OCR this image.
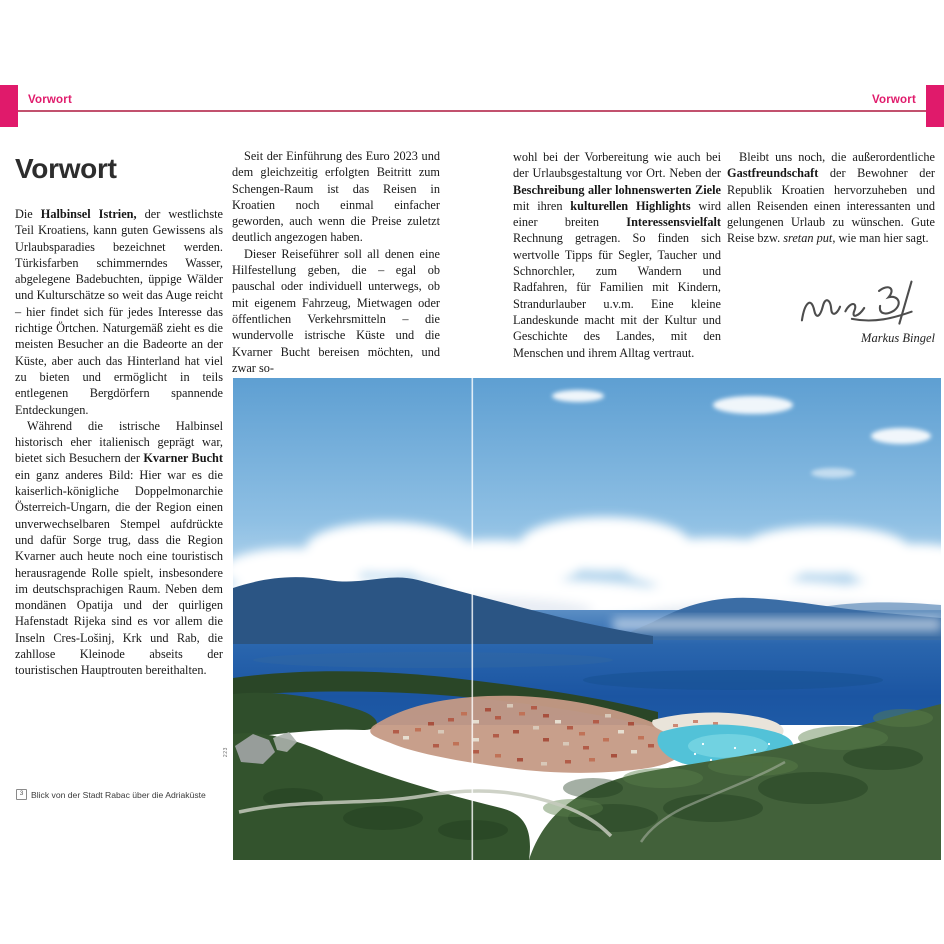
Vorwort	Vorwort
Vorwort

Die Halbinsel Istrien, der westlichste Teil Kroatiens, kann guten Gewissens als Urlaubsparadies bezeichnet werden. Türkisfarben schimmerndes Wasser, abgelegene Badebuchten, üppige Wälder und Kulturschätze so weit das Auge reicht – hier findet sich für jedes Interesse das richtige Örtchen. Naturgemäß zieht es die meisten Besucher an die Badeorte an der Küste, aber auch das Hinterland hat viel zu bieten und ermöglicht in teils entlegenen Bergdörfern spannende Entdeckungen.

Während die istrische Halbinsel historisch eher italienisch geprägt war, bietet sich Besuchern der Kvarner Bucht ein ganz anderes Bild: Hier war es die kaiserlich-königliche Doppelmonarchie Österreich-Ungarn, die der Region einen unverwechselbaren Stempel aufdrückte und dafür Sorge trug, dass die Region Kvarner auch heute noch eine touristisch herausragende Rolle spielt, insbesondere im deutschsprachigen Raum. Neben dem mondänen Opatija und der quirligen Hafenstadt Rijeka sind es vor allem die Inseln Cres-Lošinj, Krk und Rab, die zahllose Kleinode abseits der touristischen Hauptrouten bereithalten.

Seit der Einführung des Euro 2023 und dem gleichzeitig erfolgten Beitritt zum Schengen-Raum ist das Reisen in Kroatien noch einmal einfacher geworden, auch wenn die Preise zuletzt deutlich angezogen haben.

Dieser Reiseführer soll all denen eine Hilfestellung geben, die – egal ob pauschal oder individuell unterwegs, ob mit eigenem Fahrzeug, Mietwagen oder öffentlichen Verkehrsmitteln – die wundervolle istrische Küste und die Kvarner Bucht bereisen möchten, und zwar so-

wohl bei der Vorbereitung wie auch bei der Urlaubsgestaltung vor Ort. Neben der Beschreibung aller lohnenswerten Ziele mit ihren kulturellen Highlights wird einer breiten Interessensvielfalt Rechnung getragen. So finden sich wertvolle Tipps für Segler, Taucher und Schnorchler, zum Wandern und Radfahren, für Familien mit Kindern, Strandurlauber u.v.m. Eine kleine Landeskunde macht mit der Kultur und Geschichte des Landes, mit den Menschen und ihrem Alltag vertraut.

Bleibt uns noch, die außerordentliche Gastfreundschaft der Bewohner der Republik Kroatien hervorzuheben und allen Reisenden einen interessanten und gelungenen Urlaub zu wünschen. Gute Reise bzw. sretan put, wie man hier sagt.

Markus Bingel
223
3 Blick von der Stadt Rabac über die Adriaküste
